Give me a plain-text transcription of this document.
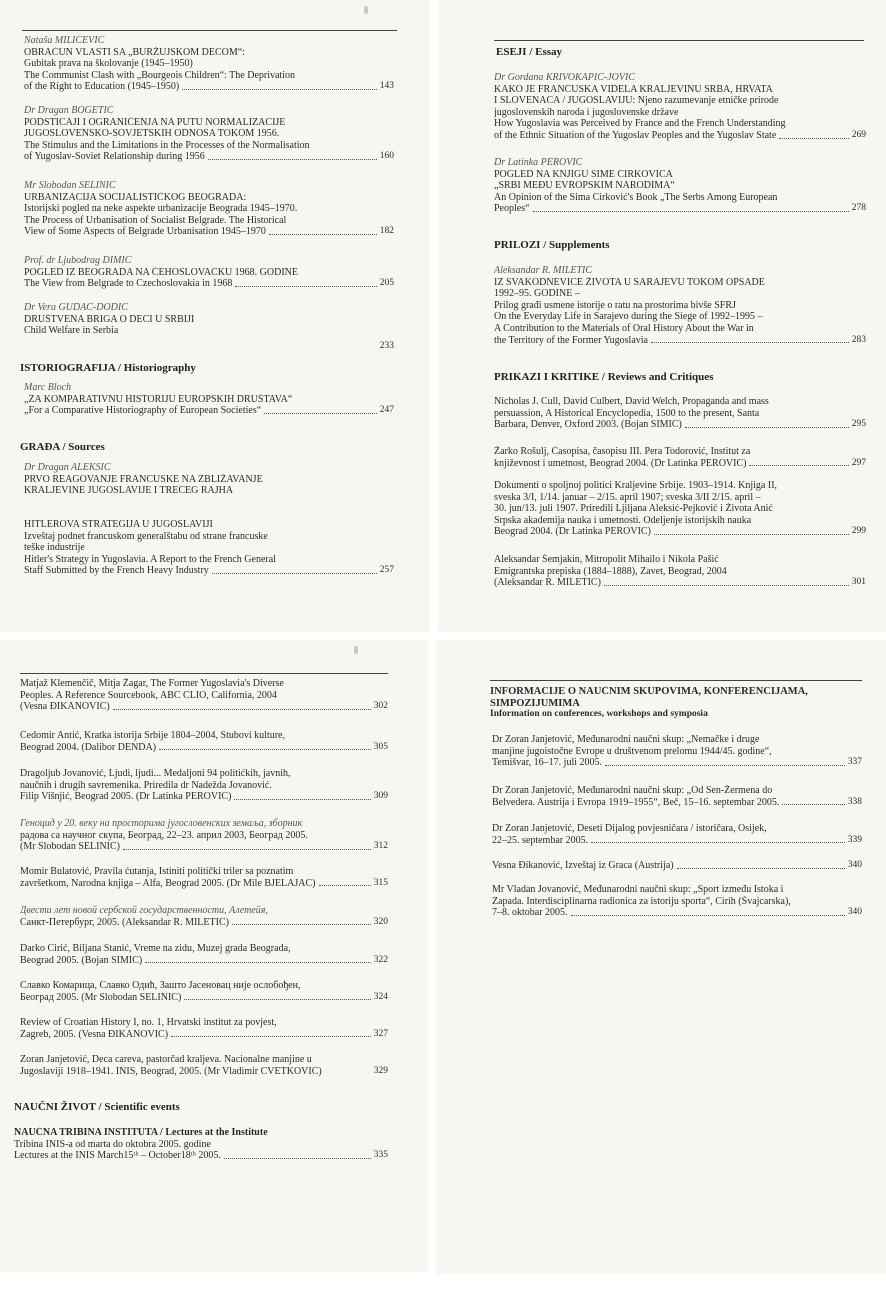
Nataša MILIĆEVIĆ
OBRAČUN VLASTI SA „BURŽUJSKOM DECOM“:
Gubitak prava na školovanje (1945–1950)
The Communist Clash with „Bourgeois Children“: The Deprivation
of the Right to Education (1945–1950)	143
Dr Dragan BOGETIĆ
PODSTICAJI I OGRANIČENJA NA PUTU NORMALIZACIJE
JUGOSLOVENSKO-SOVJETSKIH ODNOSA TOKOM 1956.
The Stimulus and the Limitations in the Processes of the Normalisation
of Yugoslav-Soviet Relationship during 1956	160
Mr Slobodan SELINIĆ
URBANIZACIJA SOCIJALISTIČKOG BEOGRADA:
Istorijski pogled na neke aspekte urbanizacije Beograda 1945–1970.
The Process of Urbanisation of Socialist Belgrade. The Historical
View of Some Aspects of Belgrade Urbanisation 1945–1970	182
Prof. dr Ljubodrag DIMIĆ
POGLED IZ BEOGRADA NA ČEHOSLOVAČKU 1968. GODINE
The View from Belgrade to Czechoslovakia in 1968	205
Dr Vera GUDAC-DODIĆ
DRUŠTVENA BRIGA O DECI U SRBIJI
Child Welfare in Serbia
233
ISTORIOGRAFIJA / Historiography
Marc Bloch
„ZA KOMPARATIVNU HISTORIJU EUROPSKIH DRUŠTAVA“
„For a Comparative Historiography of European Societies“	247
GRAĐA / Sources
Dr Dragan ALEKSIĆ
PRVO REAGOVANJE FRANCUSKE NA ZBLIŽAVANJE
KRALJEVINE JUGOSLAVIJE I TREĆEG RAJHA
HITLEROVA STRATEGIJA U JUGOSLAVIJI
Izveštaj podnet francuskom generalštabu od strane francuske
teške industrije
Hitler's Strategy in Yugoslavia. A Report to the French General
Staff Submitted by the French Heavy Industry	257
ESEJI / Essay
Dr Gordana KRIVOKAPIĆ-JOVIĆ
KAKO JE FRANCUSKA VIDELA KRALJEVINU SRBA, HRVATA
I SLOVENACA / JUGOSLAVIJU: Njeno razumevanje etničke prirode
jugoslovenskih naroda i jugoslovenske države
How Yugoslavia was Perceived by France and the French Understanding
of the Ethnic Situation of the Yugoslav Peoples and the Yugoslav State	269
Dr Latinka PEROVIĆ
POGLED NA KNJIGU SIME ĆIRKOVIĆA
„SRBI MEĐU EVROPSKIM NARODIMA“
An Opinion of the Sima Ćirković's Book „The Serbs Among European
Peoples“	278
PRILOZI / Supplements
Aleksandar R. MILETIĆ
IZ SVAKODNEVICE ŽIVOTA U SARAJEVU TOKOM OPSADE
1992–95. GODINE –
Prilog građi usmene istorije o ratu na prostorima bivše SFRJ
On the Everyday Life in Sarajevo during the Siege of 1992–1995 –
A Contribution to the Materials of Oral History About the War in
the Territory of the Former Yugoslavia	283
PRIKAZI I KRITIKE / Reviews and Critiques
Nicholas J. Cull, David Culbert, David Welch, Propaganda and mass
persuassion, A Historical Encyclopedia, 1500 to the present, Santa
Barbara, Denver, Oxford 2003. (Bojan SIMIĆ)	295
Žarko Rošulj, Časopisa, časopisu III. Pera Todorović, Institut za
književnost i umetnost, Beograd 2004. (Dr Latinka PEROVIĆ)	297
Dokumenti o spoljnoj politici Kraljevine Srbije. 1903–1914. Knjiga II,
sveska 3/I, 1/14. januar – 2/15. april 1907; sveska 3/II 2/15. april –
30. jun/13. juli 1907. Priredili Ljiljana Aleksić-Pejković i Života Anić
Srpska akademija nauka i umetnosti. Odeljenje istorijskih nauka
Beograd 2004. (Dr Latinka PEROVIĆ)	299
Aleksandar Šemjakin, Mitropolit Mihailo i Nikola Pašić
Emigrantska prepiska (1884–1888), Zavet, Beograd, 2004
(Aleksandar R. MILETIĆ)	301
Matjaž Klemenčič, Mitja Žagar, The Former Yugoslavia's Diverse
Peoples. A Reference Sourcebook, ABC CLIO, California, 2004
(Vesna ĐIKANOVIĆ)	302
Čedomir Antić, Kratka istorija Srbije 1804–2004, Stubovi kulture,
Beograd 2004. (Dalibor DENDA)	305
Dragoljub Jovanović, Ljudi, ljudi... Medaljoni 94 politićkih, javnih,
naučnih i drugih savremenika. Priredila dr Nadežda Jovanović.
Filip Višnjić, Beograd 2005. (Dr Latinka PEROVIĆ)	309
Геноцид у 20. веку на просторима југословенских земаља, зборник
радова са научног скупа, Београд, 22–23. април 2003, Београд 2005.
(Mr Slobodan SELINIĆ)	312
Momir Bulatović, Pravila ćutanja, Istiniti politički triler sa poznatim
završetkom, Narodna knjiga – Alfa, Beograd 2005. (Dr Mile BJELAJAC)	315
Двести лет новой сербской государственности, Алетейя,
Санкт-Петербург, 2005. (Aleksandar R. MILETIĆ)	320
Darko Ćirić, Biljana Stanić, Vreme na zidu, Muzej grada Beograda,
Beograd 2005. (Bojan SIMIĆ)	322
Славко Комарица, Славко Одић, Зашто Јасеновац није ослобођен,
Београд 2005. (Mr Slobodan SELINIĆ)	324
Review of Croatian History I, no. 1, Hrvatski institut za povjest,
Zagreb, 2005. (Vesna ĐIKANOVIĆ)	327
Zoran Janjetović, Deca careva, pastorčad kraljeva. Nacionalne manjine u
Jugoslaviji 1918–1941. INIS, Beograd, 2005. (Mr Vladimir CVETKOVIĆ)	329
NAUČNI ŽIVOT / Scientific events
NAUČNA TRIBINA INSTITUTA / Lectures at the Institute
Tribina INIS-a od marta do oktobra 2005. godine
Lectures at the INIS March15ᵗʰ – October18ᵗʰ 2005.	335
INFORMACIJE O NAUČNIM SKUPOVIMA, KONFERENCIJAMA,
SIMPOZIJUMIMA
Information on conferences, workshops and symposia
Dr Zoran Janjetović, Međunarodni naučni skup: „Nemačke i druge
manjine jugoistočne Evrope u društvenom prelomu 1944/45. godine“,
Temišvar, 16–17. juli 2005.	337
Dr Zoran Janjetović, Međunarodni naučni skup: „Od Sen-Žermena do
Belvedera. Austrija i Evropa 1919–1955“, Beč, 15–16. septembar 2005.	338
Dr Zoran Janjetović, Deseti Dijalog povjesničara / istoričara, Osijek,
22–25. septembar 2005.	339
Vesna Đikanović, Izveštaj iz Graca (Austrija)	340
Mr Vladan Jovanović, Međunarodni naučni skup: „Sport između Istoka i
Zapada. Interdisciplinarna radionica za istoriju sporta“, Cirih (Švajcarska),
7–8. oktobar 2005.	340
